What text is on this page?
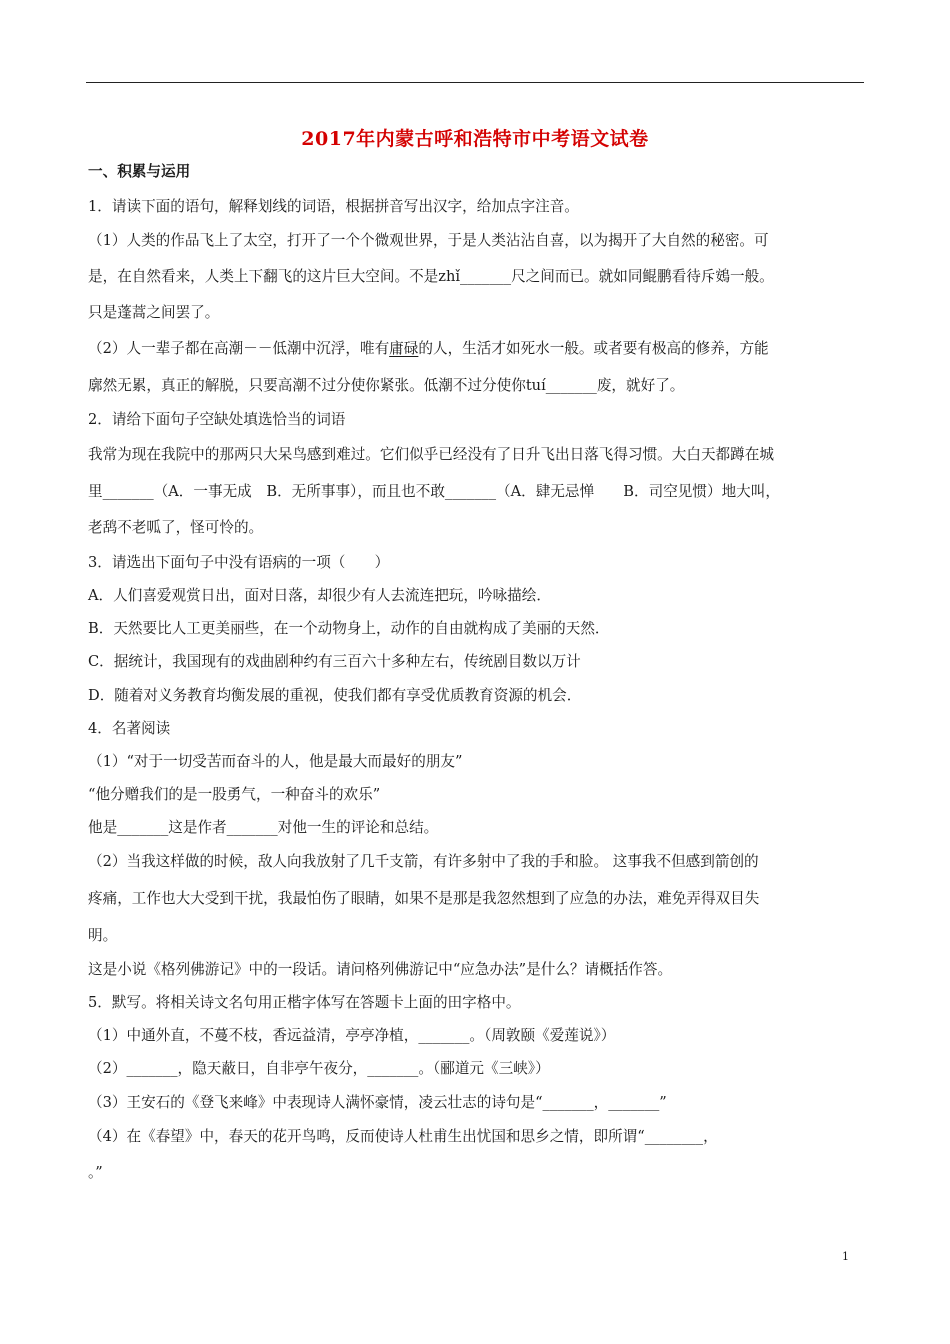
2017年内蒙古呼和浩特市中考语文试卷
一、积累与运用
1．请读下面的语句，解释划线的词语，根据拼音写出汉字，给加点字注音。
（1）人类的作品飞上了太空，打开了一个个微观世界，于是人类沾沾自喜，以为揭开了大自然的秘密。可
是，在自然看来，人类上下翻飞的这片巨大空间。不是zhǐ_______尺之间而已。就如同鲲鹏看待斥鴳一般。
只是蓬蒿之间罢了。
（2）人一辈子都在高潮－－低潮中沉浮，唯有庸碌的人，生活才如死水一般。或者要有极高的修养，方能
廓然无累，真正的解脱，只要高潮不过分使你紧张。低潮不过分使你tuí_______废，就好了。
2．请给下面句子空缺处填选恰当的词语
我常为现在我院中的那两只大呆鸟感到难过。它们似乎已经没有了日升飞出日落飞得习惯。大白天都蹲在城
里_______（A．一事无成　B．无所事事），而且也不敢_______（A．肆无忌惮　　B．司空见惯）地大叫，
老鸹不老呱了，怪可怜的。
3．请选出下面句子中没有语病的一项（　　）
A．人们喜爱观赏日出，面对日落，却很少有人去流连把玩，吟咏描绘．
B．天然要比人工更美丽些，在一个动物身上，动作的自由就构成了美丽的天然．
C．据统计，我国现有的戏曲剧种约有三百六十多种左右，传统剧目数以万计
D．随着对义务教育均衡发展的重视，使我们都有享受优质教育资源的机会．
4．名著阅读
（1）“对于一切受苦而奋斗的人，他是最大而最好的朋友”
“他分赠我们的是一股勇气，一种奋斗的欢乐”
他是_______这是作者_______对他一生的评论和总结。
（2）当我这样做的时候，敌人向我放射了几千支箭，有许多射中了我的手和脸。 这事我不但感到箭创的
疼痛，工作也大大受到干扰，我最怕伤了眼睛，如果不是那是我忽然想到了应急的办法，难免弄得双目失
明。
这是小说《格列佛游记》中的一段话。请问格列佛游记中“应急办法”是什么？请概括作答。
5．默写。将相关诗文名句用正楷字体写在答题卡上面的田字格中。
（1）中通外直，不蔓不枝，香远益清，亭亭净植，_______。（周敦颐《爱莲说》）
（2）_______，隐天蔽日，自非亭午夜分，_______。（郦道元《三峡》）
（3）王安石的《登飞来峰》中表现诗人满怀豪情，凌云壮志的诗句是“_______，_______”
（4）在《春望》中，春天的花开鸟鸣，反而使诗人杜甫生出忧国和思乡之情，即所谓“________，
。”
1
